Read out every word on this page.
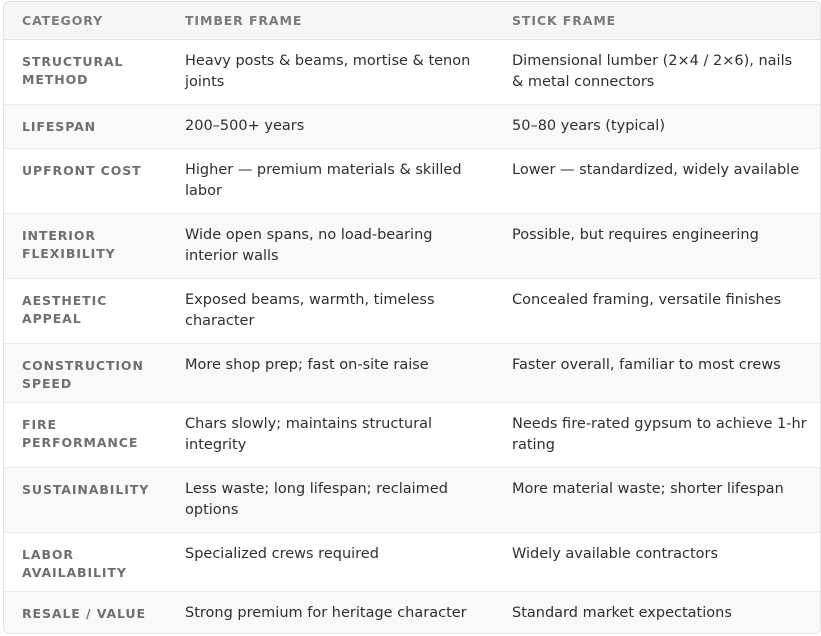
CATEGORY	TIMBER FRAME	STICK FRAME
STRUCTURAL METHOD	Heavy posts & beams, mortise & tenon joints	Dimensional lumber (2×4 / 2×6), nails & metal connectors
LIFESPAN	200–500+ years	50–80 years (typical)
UPFRONT COST	Higher — premium materials & skilled labor	Lower — standardized, widely available
INTERIOR FLEXIBILITY	Wide open spans, no load-bearing interior walls	Possible, but requires engineering
AESTHETIC APPEAL	Exposed beams, warmth, timeless character	Concealed framing, versatile finishes
CONSTRUCTION SPEED	More shop prep; fast on-site raise	Faster overall, familiar to most crews
FIRE PERFORMANCE	Chars slowly; maintains structural integrity	Needs fire-rated gypsum to achieve 1-hr rating
SUSTAINABILITY	Less waste; long lifespan; reclaimed options	More material waste; shorter lifespan
LABOR AVAILABILITY	Specialized crews required	Widely available contractors
RESALE / VALUE	Strong premium for heritage character	Standard market expectations
